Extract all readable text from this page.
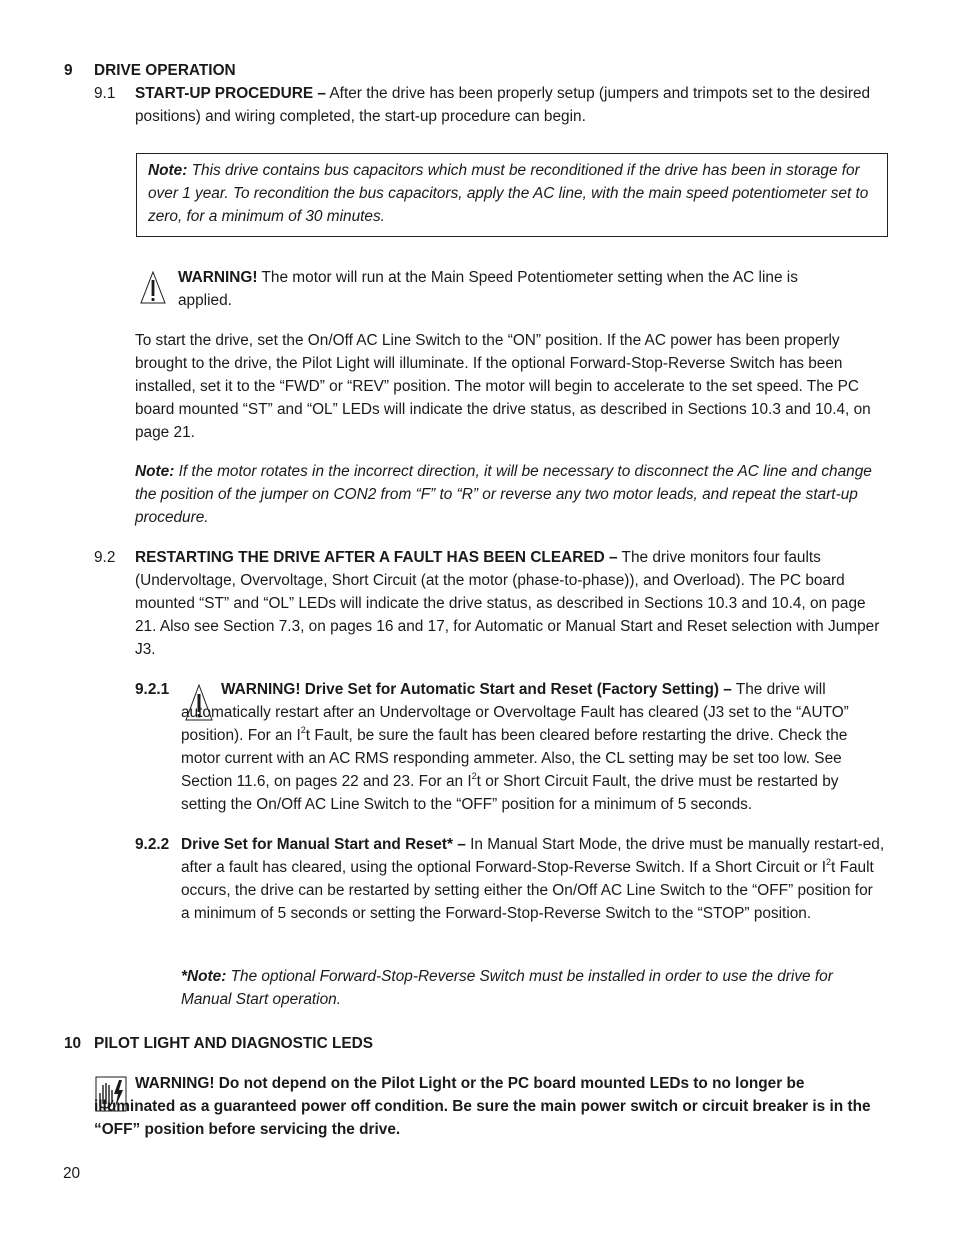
9 DRIVE OPERATION
9.1 START-UP PROCEDURE – After the drive has been properly setup (jumpers and trimpots set to the desired positions) and wiring completed, the start-up procedure can begin.

Note: This drive contains bus capacitors which must be reconditioned if the drive has been in storage for over 1 year. To recondition the bus capacitors, apply the AC line, with the main speed potentiometer set to zero, for a minimum of 30 minutes.

WARNING! The motor will run at the Main Speed Potentiometer setting when the AC line is applied.

To start the drive, set the On/Off AC Line Switch to the “ON” position. If the AC power has been properly brought to the drive, the Pilot Light will illuminate. If the optional Forward-Stop-Reverse Switch has been installed, set it to the “FWD” or “REV” position. The motor will begin to accelerate to the set speed. The PC board mounted “ST” and “OL” LEDs will indicate the drive status, as described in Sections 10.3 and 10.4, on page 21.

Note: If the motor rotates in the incorrect direction, it will be necessary to disconnect the AC line and change the position of the jumper on CON2 from “F” to “R” or reverse any two motor leads, and repeat the start-up procedure.

9.2 RESTARTING THE DRIVE AFTER A FAULT HAS BEEN CLEARED – The drive monitors four faults (Undervoltage, Overvoltage, Short Circuit (at the motor (phase-to-phase)), and Overload). The PC board mounted “ST” and “OL” LEDs will indicate the drive status, as described in Sections 10.3 and 10.4, on page 21. Also see Section 7.3, on pages 16 and 17, for Automatic or Manual Start and Reset selection with Jumper J3.

9.2.1	WARNING! Drive Set for Automatic Start and Reset (Factory Setting) – The drive will automatically restart after an Undervoltage or Overvoltage Fault has cleared (J3 set to the “AUTO” position). For an $I^2t$ Fault, be sure the fault has been cleared before restarting the drive. Check the motor current with an AC RMS responding ammeter. Also, the CL setting may be set too low. See Section 11.6, on pages 22 and 23. For an $I^2t$ or Short Circuit Fault, the drive must be restarted by setting the On/Off AC Line Switch to the “OFF” position for a minimum of 5 seconds.

9.2.2 Drive Set for Manual Start and Reset* – In Manual Start Mode, the drive must be manually restart-ed, after a fault has cleared, using the optional Forward-Stop-Reverse Switch. If a Short Circuit or $I^2t$ Fault occurs, the drive can be restarted by setting either the On/Off AC Line Switch to the “OFF” position for a minimum of 5 seconds or setting the Forward-Stop-Reverse Switch to the “STOP” position.

*Note: The optional Forward-Stop-Reverse Switch must be installed in order to use the drive for Manual Start operation.

10 PILOT LIGHT AND DIAGNOSTIC LEDS

WARNING! Do not depend on the Pilot Light or the PC board mounted LEDs to no longer be illuminated as a guaranteed power off condition. Be sure the main power switch or circuit breaker is in the “OFF” position before servicing the drive.

20
